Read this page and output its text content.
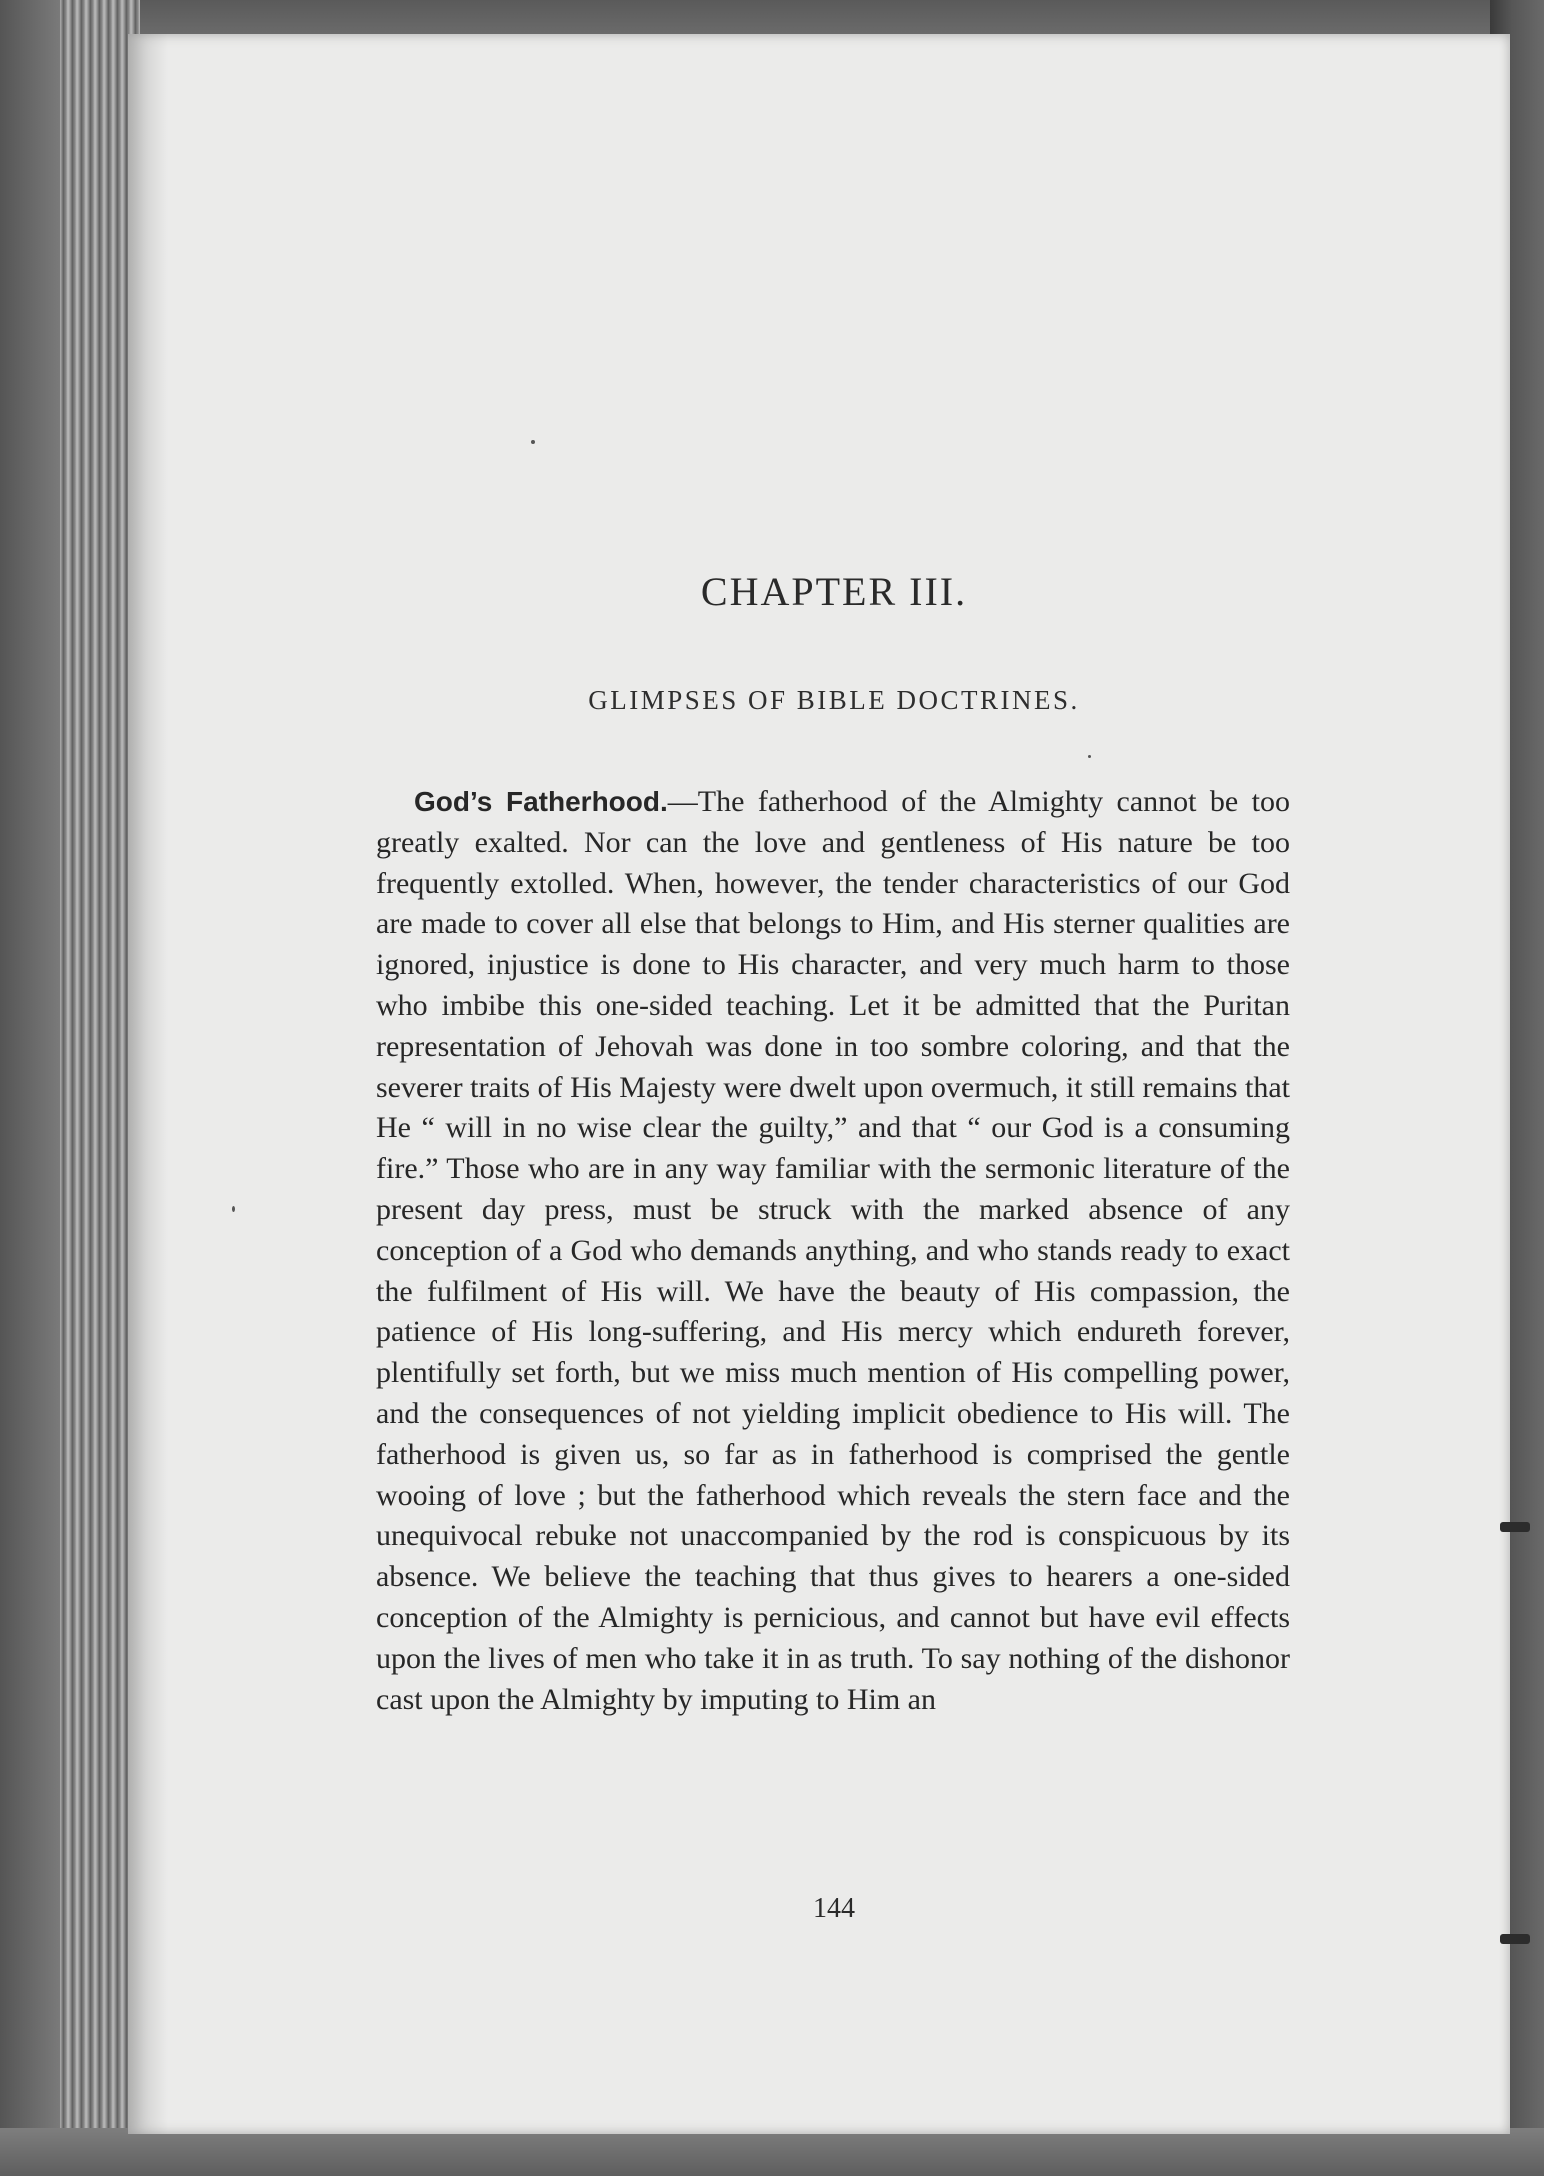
CHAPTER III.
GLIMPSES OF BIBLE DOCTRINES.
God’s Fatherhood.—The fatherhood of the Almighty cannot be too greatly exalted. Nor can the love and gentleness of His nature be too frequently extolled. When, however, the tender characteristics of our God are made to cover all else that belongs to Him, and His sterner qualities are ignored, injustice is done to His character, and very much harm to those who imbibe this one-sided teaching. Let it be admitted that the Puritan representation of Jehovah was done in too sombre coloring, and that the severer traits of His Majesty were dwelt upon overmuch, it still remains that He “ will in no wise clear the guilty,” and that “ our God is a consuming fire.” Those who are in any way familiar with the sermonic literature of the present day press, must be struck with the marked absence of any conception of a God who demands anything, and who stands ready to exact the fulfilment of His will. We have the beauty of His compassion, the patience of His long-suffering, and His mercy which endureth forever, plentifully set forth, but we miss much mention of His compelling power, and the consequences of not yielding implicit obedience to His will. The fatherhood is given us, so far as in fatherhood is comprised the gentle wooing of love ; but the fatherhood which reveals the stern face and the unequivocal rebuke not unaccompanied by the rod is conspicuous by its absence. We believe the teaching that thus gives to hearers a one-sided conception of the Almighty is pernicious, and cannot but have evil effects upon the lives of men who take it in as truth. To say nothing of the dishonor cast upon the Almighty by imputing to Him an
144
